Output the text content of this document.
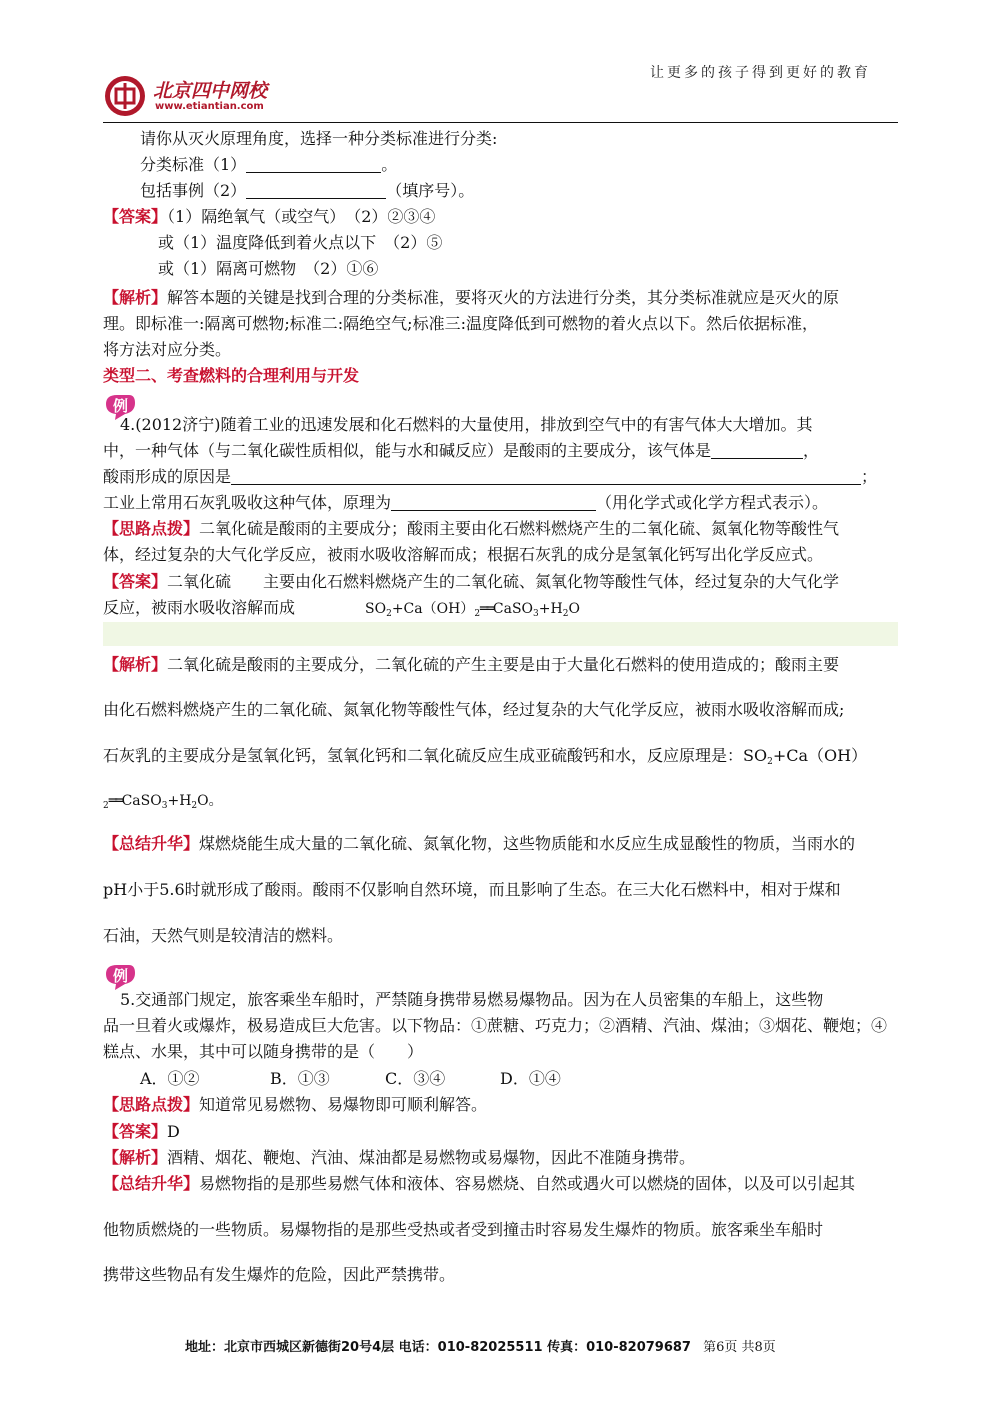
让更多的孩子得到更好的教育
北京四中网校
www.etiantian.com
请你从灭火原理角度，选择一种分类标准进行分类:
分类标准（1）	。
包括事例（2）	（填序号）。
【答案】（1）隔绝氧气（或空气）　（2）②③④
或（1）温度降低到着火点以下　（2）⑤
或（1）隔离可燃物　（2）①⑥
【解析】解答本题的关键是找到合理的分类标准，要将灭火的方法进行分类，其分类标准就应是灭火的原
理。即标准一:隔离可燃物;标准二:隔绝空气;标准三:温度降低到可燃物的着火点以下。然后依据标准，
将方法对应分类。
类型二、考查燃料的合理利用与开发
例
4.(2012济宁)随着工业的迅速发展和化石燃料的大量使用，排放到空气中的有害气体大大增加。其
中，一种气体（与二氧化碳性质相似，能与水和碱反应）是酸雨的主要成分，该气体是	，
酸雨形成的原因是	；
工业上常用石灰乳吸收这种气体，原理为	（用化学式或化学方程式表示）。
【思路点拨】二氧化硫是酸雨的主要成分；酸雨主要由化石燃料燃烧产生的二氧化硫、氮氧化物等酸性气
体，经过复杂的大气化学反应，被雨水吸收溶解而成；根据石灰乳的成分是氢氧化钙写出化学反应式。
【答案】二氧化硫　　主要由化石燃料燃烧产生的二氧化硫、氮氧化物等酸性气体，经过复杂的大气化学
反应，被雨水吸收溶解而成	$SO_2+Ca(OH)_2══CaSO_3+H_2O$
【解析】二氧化硫是酸雨的主要成分，二氧化硫的产生主要是由于大量化石燃料的使用造成的；酸雨主要
由化石燃料燃烧产生的二氧化硫、氮氧化物等酸性气体，经过复杂的大气化学反应，被雨水吸收溶解而成;
石灰乳的主要成分是氢氧化钙，氢氧化钙和二氧化硫反应生成亚硫酸钙和水，反应原理是：$SO_2+Ca(OH)$
$_2══CaSO_3+H_2O$。
【总结升华】煤燃烧能生成大量的二氧化硫、氮氧化物，这些物质能和水反应生成显酸性的物质，当雨水的
pH小于5.6时就形成了酸雨。酸雨不仅影响自然环境，而且影响了生态。在三大化石燃料中，相对于煤和
石油，天然气则是较清洁的燃料。
例
5.交通部门规定，旅客乘坐车船时，严禁随身携带易燃易爆物品。因为在人员密集的车船上，这些物
品一旦着火或爆炸，极易造成巨大危害。以下物品：①蔗糖、巧克力；②酒精、汽油、煤油；③烟花、鞭炮；④
糕点、水果，其中可以随身携带的是（　　）
A．①②	B．①③	C．③④	D．①④
【思路点拨】知道常见易燃物、易爆物即可顺利解答。
【答案】D
【解析】酒精、烟花、鞭炮、汽油、煤油都是易燃物或易爆物，因此不准随身携带。
【总结升华】易燃物指的是那些易燃气体和液体、容易燃烧、自然或遇火可以燃烧的固体，以及可以引起其
他物质燃烧的一些物质。易爆物指的是那些受热或者受到撞击时容易发生爆炸的物质。旅客乘坐车船时
携带这些物品有发生爆炸的危险，因此严禁携带。
地址：北京市西城区新德街20号4层 电话：010-82025511 传真：010-82079687 第6页 共8页
